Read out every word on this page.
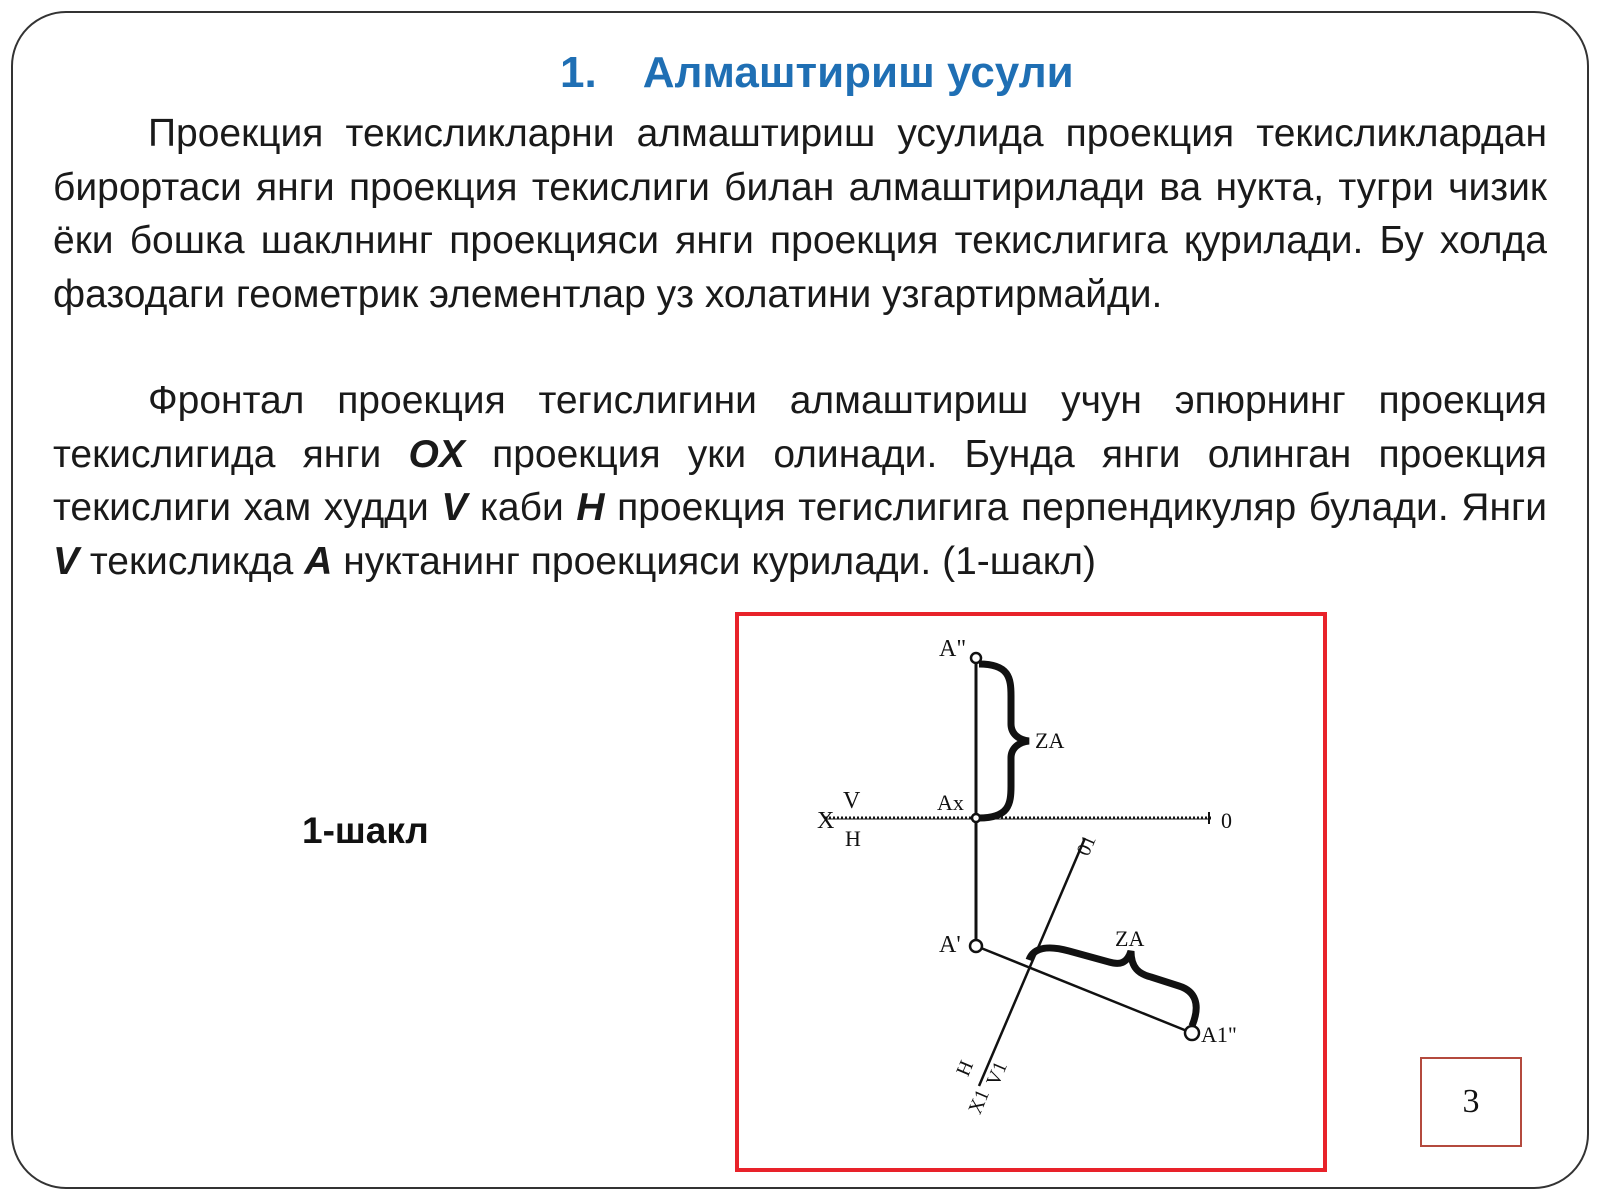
1. Алмаштириш усули
Проекция текисликларни алмаштириш усулида проекция текисликлардан бирортаси янги проекция текислиги билан алмаштирилади ва нукта, тугри чизик ёки бошка шаклнинг проекцияси янги проекция текислигига қурилади. Бу холда фазодаги геометрик элементлар уз холатини узгартирмайди.
Фронтал проекция тегислигини алмаштириш учун эпюрнинг проекция текислигида янги OX проекция уки олинади. Бунда янги олинган проекция текислиги хам худди V каби H проекция тегислигига перпендикуляр булади. Янги V текисликда A нуктанинг проекцияси курилади. (1-шакл)
1-шакл
A"
ZA
Ax
X
V
H
0
01
A'	ZA
A1"
X1
H V1
3
